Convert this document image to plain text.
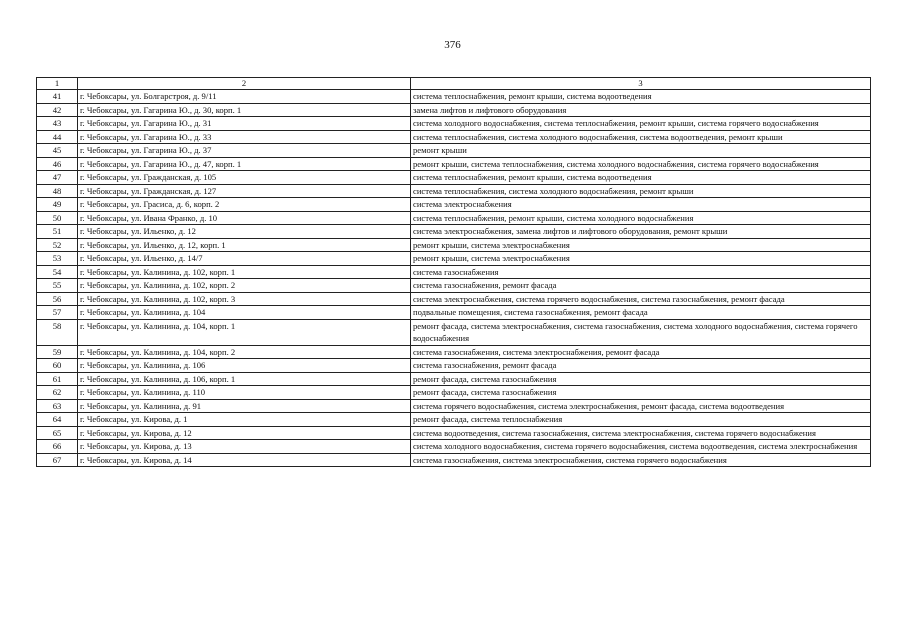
376
1	2	3
41	г. Чебоксары, ул. Болгарстроя, д. 9/11	система теплоснабжения, ремонт крыши, система водоотведения
42	г. Чебоксары, ул. Гагарина Ю., д. 30, корп. 1	замена лифтов и лифтового оборудования
43	г. Чебоксары, ул. Гагарина Ю., д. 31	система холодного водоснабжения, система теплоснабжения, ремонт крыши, система горячего водоснабжения
44	г. Чебоксары, ул. Гагарина Ю., д. 33	система теплоснабжения, система холодного водоснабжения, система водоотведения, ремонт крыши
45	г. Чебоксары, ул. Гагарина Ю., д. 37	ремонт крыши
46	г. Чебоксары, ул. Гагарина Ю., д. 47, корп. 1	ремонт крыши, система теплоснабжения, система холодного водоснабжения, система горячего водоснабжения
47	г. Чебоксары, ул. Гражданская, д. 105	система теплоснабжения, ремонт крыши, система водоотведения
48	г. Чебоксары, ул. Гражданская, д. 127	система теплоснабжения, система холодного водоснабжения, ремонт крыши
49	г. Чебоксары, ул. Грасиса, д. 6, корп. 2	система электроснабжения
50	г. Чебоксары, ул. Ивана Франко, д. 10	система теплоснабжения, ремонт крыши, система холодного водоснабжения
51	г. Чебоксары, ул. Ильенко, д. 12	система электроснабжения, замена лифтов и лифтового оборудования, ремонт крыши
52	г. Чебоксары, ул. Ильенко, д. 12, корп. 1	ремонт крыши, система электроснабжения
53	г. Чебоксары, ул. Ильенко, д. 14/7	ремонт крыши, система электроснабжения
54	г. Чебоксары, ул. Калинина, д. 102, корп. 1	система газоснабжения
55	г. Чебоксары, ул. Калинина, д. 102, корп. 2	система газоснабжения, ремонт фасада
56	г. Чебоксары, ул. Калинина, д. 102, корп. 3	система электроснабжения, система горячего водоснабжения, система газоснабжения, ремонт фасада
57	г. Чебоксары, ул. Калинина, д. 104	подвальные помещения, система газоснабжения, ремонт фасада
58	г. Чебоксары, ул. Калинина, д. 104, корп. 1	ремонт фасада, система электроснабжения, система газоснабжения, система холодного водоснабжения, система горячего водоснабжения
59	г. Чебоксары, ул. Калинина, д. 104, корп. 2	система газоснабжения, система электроснабжения, ремонт фасада
60	г. Чебоксары, ул. Калинина, д. 106	система газоснабжения, ремонт фасада
61	г. Чебоксары, ул. Калинина, д. 106, корп. 1	ремонт фасада, система газоснабжения
62	г. Чебоксары, ул. Калинина, д. 110	ремонт фасада, система газоснабжения
63	г. Чебоксары, ул. Калинина, д. 91	система горячего водоснабжения, система электроснабжения, ремонт фасада, система водоотведения
64	г. Чебоксары, ул. Кирова, д. 1	ремонт фасада, система теплоснабжения
65	г. Чебоксары, ул. Кирова, д. 12	система водоотведения, система газоснабжения, система электроснабжения, система горячего водоснабжения
66	г. Чебоксары, ул. Кирова, д. 13	система холодного водоснабжения, система горячего водоснабжения, система водоотведения, система электроснабжения
67	г. Чебоксары, ул. Кирова, д. 14	система газоснабжения, система электроснабжения, система горячего водоснабжения
